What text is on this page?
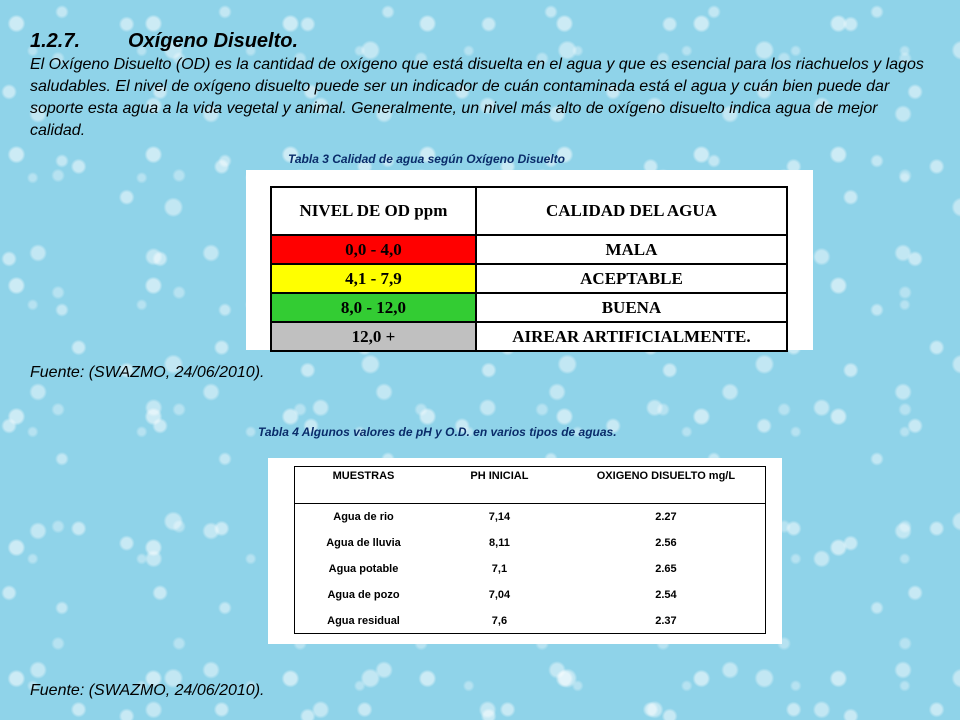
1.2.7. Oxígeno Disuelto.

El Oxígeno Disuelto (OD) es la cantidad de oxígeno que está disuelta en el agua y que es esencial para los riachuelos y lagos saludables. El nivel de oxígeno disuelto puede ser un indicador de cuán contaminada está el agua y cuán bien puede dar soporte esta agua a la vida vegetal y animal. Generalmente, un nivel más alto de oxígeno disuelto indica agua de mejor calidad.

Tabla 3 Calidad de agua según Oxígeno Disuelto
NIVEL DE OD ppm	CALIDAD DEL AGUA
0,0 - 4,0	MALA
4,1 - 7,9	ACEPTABLE
8,0 - 12,0	BUENA
12,0 +	AIREAR ARTIFICIALMENTE.
Fuente: (SWAZMO, 24/06/2010).
Tabla 4 Algunos valores de pH y O.D. en varios tipos de aguas.
MUESTRAS	PH INICIAL	OXIGENO DISUELTO mg/L
Agua de rio	7,14	2.27
Agua de lluvia	8,11	2.56
Agua potable	7,1	2.65
Agua de pozo	7,04	2.54
Agua residual	7,6	2.37
Fuente: (SWAZMO, 24/06/2010).
